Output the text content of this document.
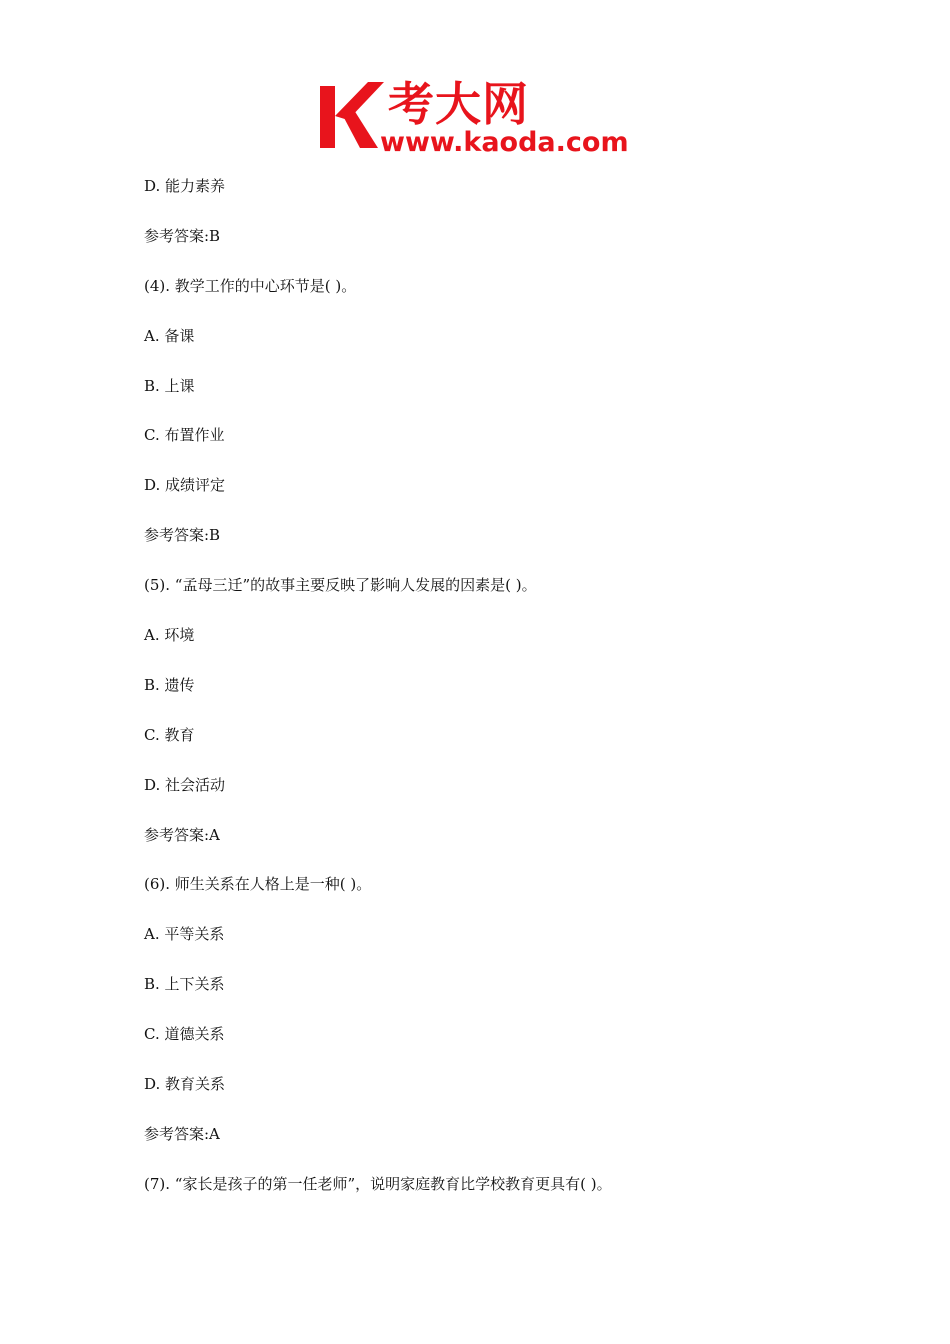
考大网
www.kaoda.com
D. 能力素养
参考答案:B
(4). 教学工作的中心环节是( )。
A. 备课
B. 上课
C. 布置作业
D. 成绩评定
参考答案:B
(5). “孟母三迁”的故事主要反映了影响人发展的因素是( )。
A. 环境
B. 遗传
C. 教育
D. 社会活动
参考答案:A
(6). 师生关系在人格上是一种( )。
A. 平等关系
B. 上下关系
C. 道德关系
D. 教育关系
参考答案:A
(7). “家长是孩子的第一任老师”，说明家庭教育比学校教育更具有( )。
